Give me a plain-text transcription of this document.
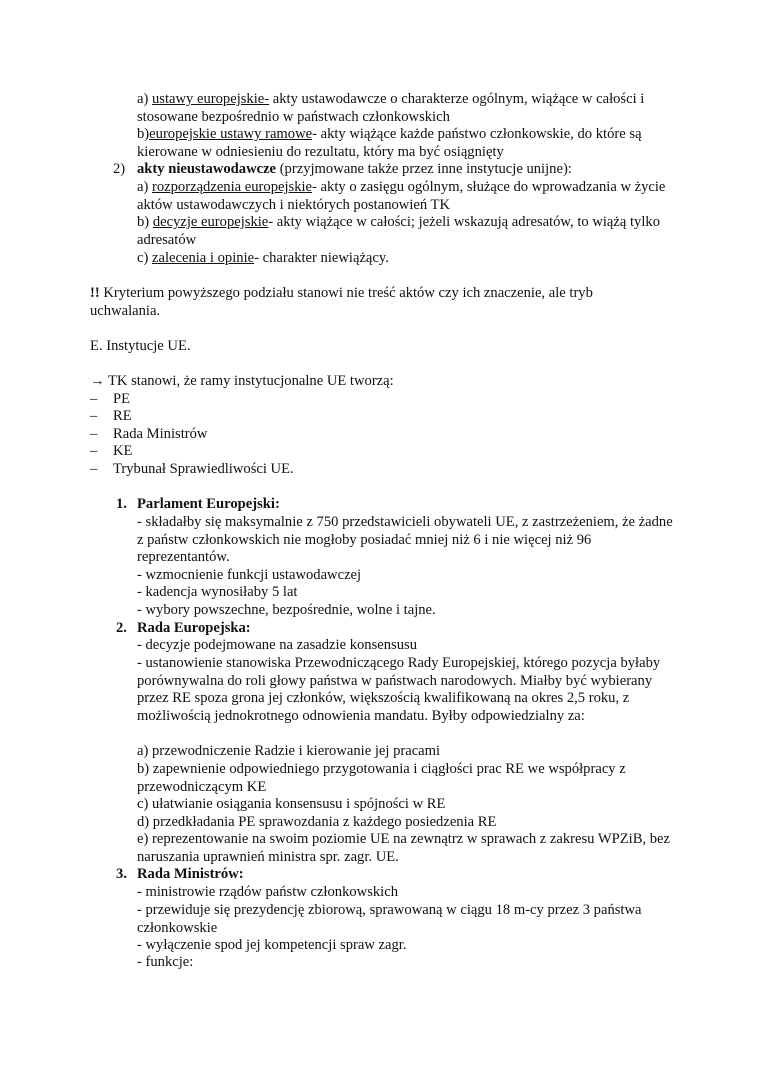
a) ustawy europejskie- akty ustawodawcze o charakterze ogólnym, wiążące w całości i stosowane bezpośrednio w państwach członkowskich
b)europejskie ustawy ramowe- akty wiążące każde państwo członkowskie, do które są kierowane w odniesieniu do rezultatu, który ma być osiągnięty
2) akty nieustawodawcze (przyjmowane także przez inne instytucje unijne):
a) rozporządzenia europejskie- akty o zasięgu ogólnym, służące do wprowadzania w życie aktów ustawodawczych i niektórych postanowień TK
b) decyzje europejskie- akty wiążące w całości; jeżeli wskazują adresatów, to wiążą tylko adresatów
c) zalecenia i opinie- charakter niewiążący.
!! Kryterium powyższego podziału stanowi nie treść aktów czy ich znaczenie, ale tryb uchwalania.
E. Instytucje UE.
→ TK stanowi, że ramy instytucjonalne UE tworzą:
– PE
– RE
– Rada Ministrów
– KE
– Trybunał Sprawiedliwości UE.
1. Parlament Europejski:
- składałby się maksymalnie z 750 przedstawicieli obywateli UE, z zastrzeżeniem, że żadne z państw członkowskich nie mogłoby posiadać mniej niż 6 i nie więcej niż 96 reprezentantów.
- wzmocnienie funkcji ustawodawczej
- kadencja wynosiłaby 5 lat
- wybory powszechne, bezpośrednie, wolne i tajne.
2. Rada Europejska:
- decyzje podejmowane na zasadzie konsensusu
- ustanowienie stanowiska Przewodniczącego Rady Europejskiej, którego pozycja byłaby porównywalna do roli głowy państwa w państwach narodowych. Miałby być wybierany przez RE spoza grona jej członków, większością kwalifikowaną na okres 2,5 roku, z możliwością jednokrotnego odnowienia mandatu. Byłby odpowiedzialny za:
a) przewodniczenie Radzie i kierowanie jej pracami
b) zapewnienie odpowiedniego przygotowania i ciągłości prac RE we współpracy z przewodniczącym KE
c) ułatwianie osiągania konsensusu i spójności w RE
d) przedkładania PE sprawozdania z każdego posiedzenia RE
e) reprezentowanie na swoim poziomie UE na zewnątrz w sprawach z zakresu WPZiB, bez naruszania uprawnień ministra spr. zagr. UE.
3. Rada Ministrów:
- ministrowie rządów państw członkowskich
- przewiduje się prezydencję zbiorową, sprawowaną w ciągu 18 m-cy przez 3 państwa członkowskie
- wyłączenie spod jej kompetencji spraw zagr.
- funkcje:
